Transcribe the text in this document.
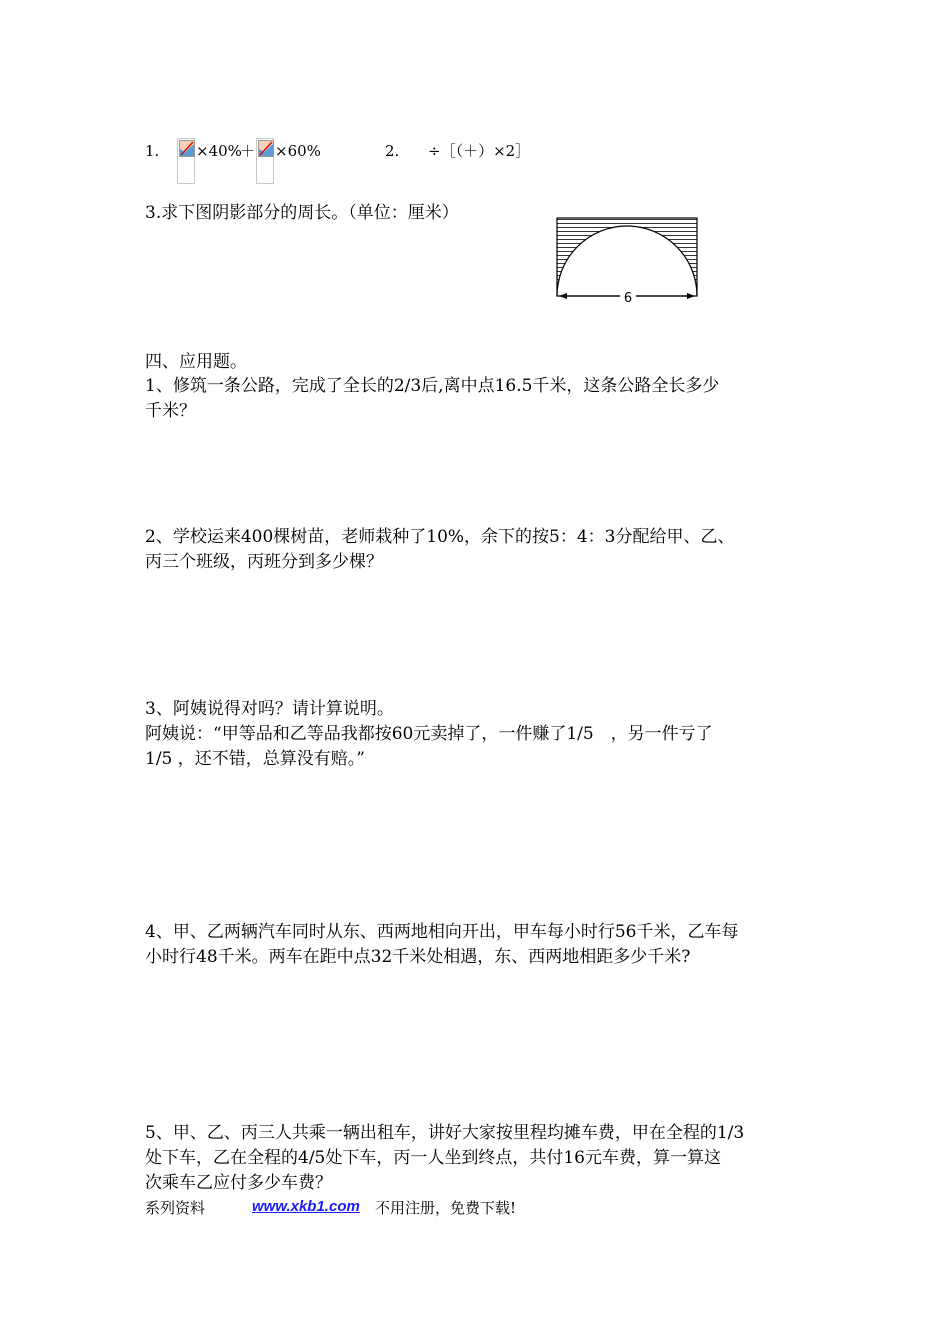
1. ×40%
＋ ×60%	2. ÷［（＋）×2］
3.求下图阴影部分的周长。（单位：厘米）
6
四、应用题。
1、修筑一条公路，完成了全长的2/3后,离中点16.5千米，这条公路全长多少
千米？
2、学校运来400棵树苗，老师栽种了10%，余下的按5：4：3分配给甲、乙、
丙三个班级，丙班分到多少棵？
3、阿姨说得对吗？请计算说明。
阿姨说：“甲等品和乙等品我都按60元卖掉了，一件赚了1/5　，另一件亏了
1/5 ，还不错，总算没有赔。”
4、甲、乙两辆汽车同时从东、西两地相向开出，甲车每小时行56千米，乙车每
小时行48千米。两车在距中点32千米处相遇，东、西两地相距多少千米?
5、甲、乙、丙三人共乘一辆出租车，讲好大家按里程均摊车费，甲在全程的1/3
处下车，乙在全程的4/5处下车，丙一人坐到终点，共付16元车费，算一算这
次乘车乙应付多少车费？
系列资料	www.xkb1.com 不用注册，免费下载!
